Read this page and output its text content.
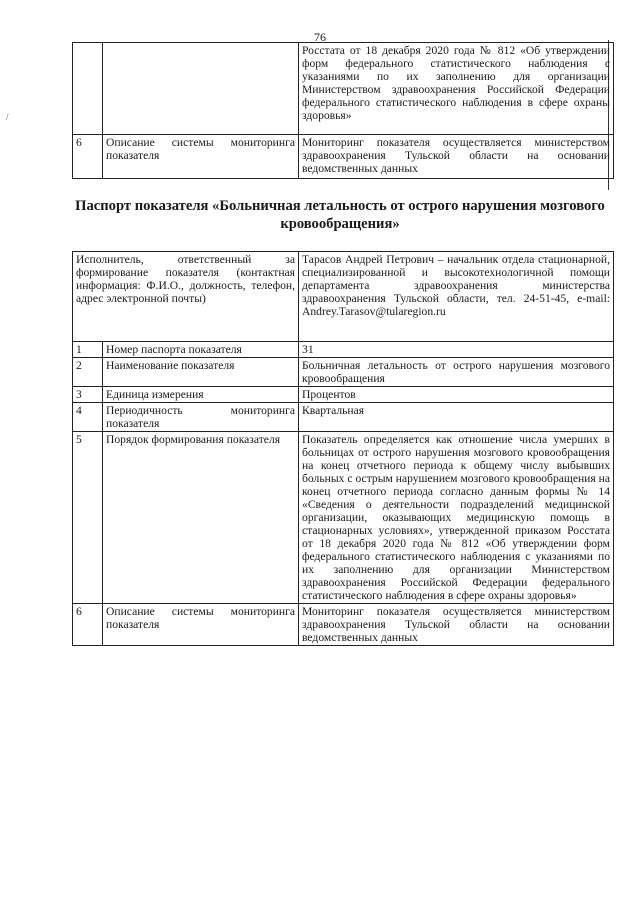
76
/
		Росстата от 18 декабря 2020 года № 812 «Об утверждении форм федерального статистического наблюдения с указаниями по их заполнению для организации Министерством здравоохранения Российской Федерации федерального статистического наблюдения в сфере охраны здоровья»
6	Описание системы мониторинга показателя	Мониторинг показателя осуществляется министерством здравоохранения Тульской области на основании ведомственных данных
Паспорт показателя «Больничная летальность от острого нарушения мозгового кровообращения»
Исполнитель, ответственный за формирование показателя (контактная информация: Ф.И.О., должность, телефон, адрес электронной почты)		Тарасов Андрей Петрович – начальник отдела стационарной, специализированной и высокотехнологичной помощи департамента здравоохранения министерства здравоохранения Тульской области, тел. 24-51-45, e-mail: Andrey.Tarasov@tularegion.ru
1	Номер паспорта показателя	31
2	Наименование показателя	Больничная летальность от острого нарушения мозгового кровообращения
3	Единица измерения	Процентов
4	Периодичность мониторинга показателя	Квартальная
5	Порядок формирования показателя	Показатель определяется как отношение числа умерших в больницах от острого нарушения мозгового кровообращения на конец отчетного периода к общему числу выбывших больных с острым нарушением мозгового кровообращения на конец отчетного периода согласно данным формы № 14 «Сведения о деятельности подразделений медицинской организации, оказывающих медицинскую помощь в стационарных условиях», утвержденной приказом Росстата от 18 декабря 2020 года № 812 «Об утверждении форм федерального статистического наблюдения с указаниями по их заполнению для организации Министерством здравоохранения Российской Федерации федерального статистического наблюдения в сфере охраны здоровья»
6	Описание системы мониторинга показателя	Мониторинг показателя осуществляется министерством здравоохранения Тульской области на основании ведомственных данных
